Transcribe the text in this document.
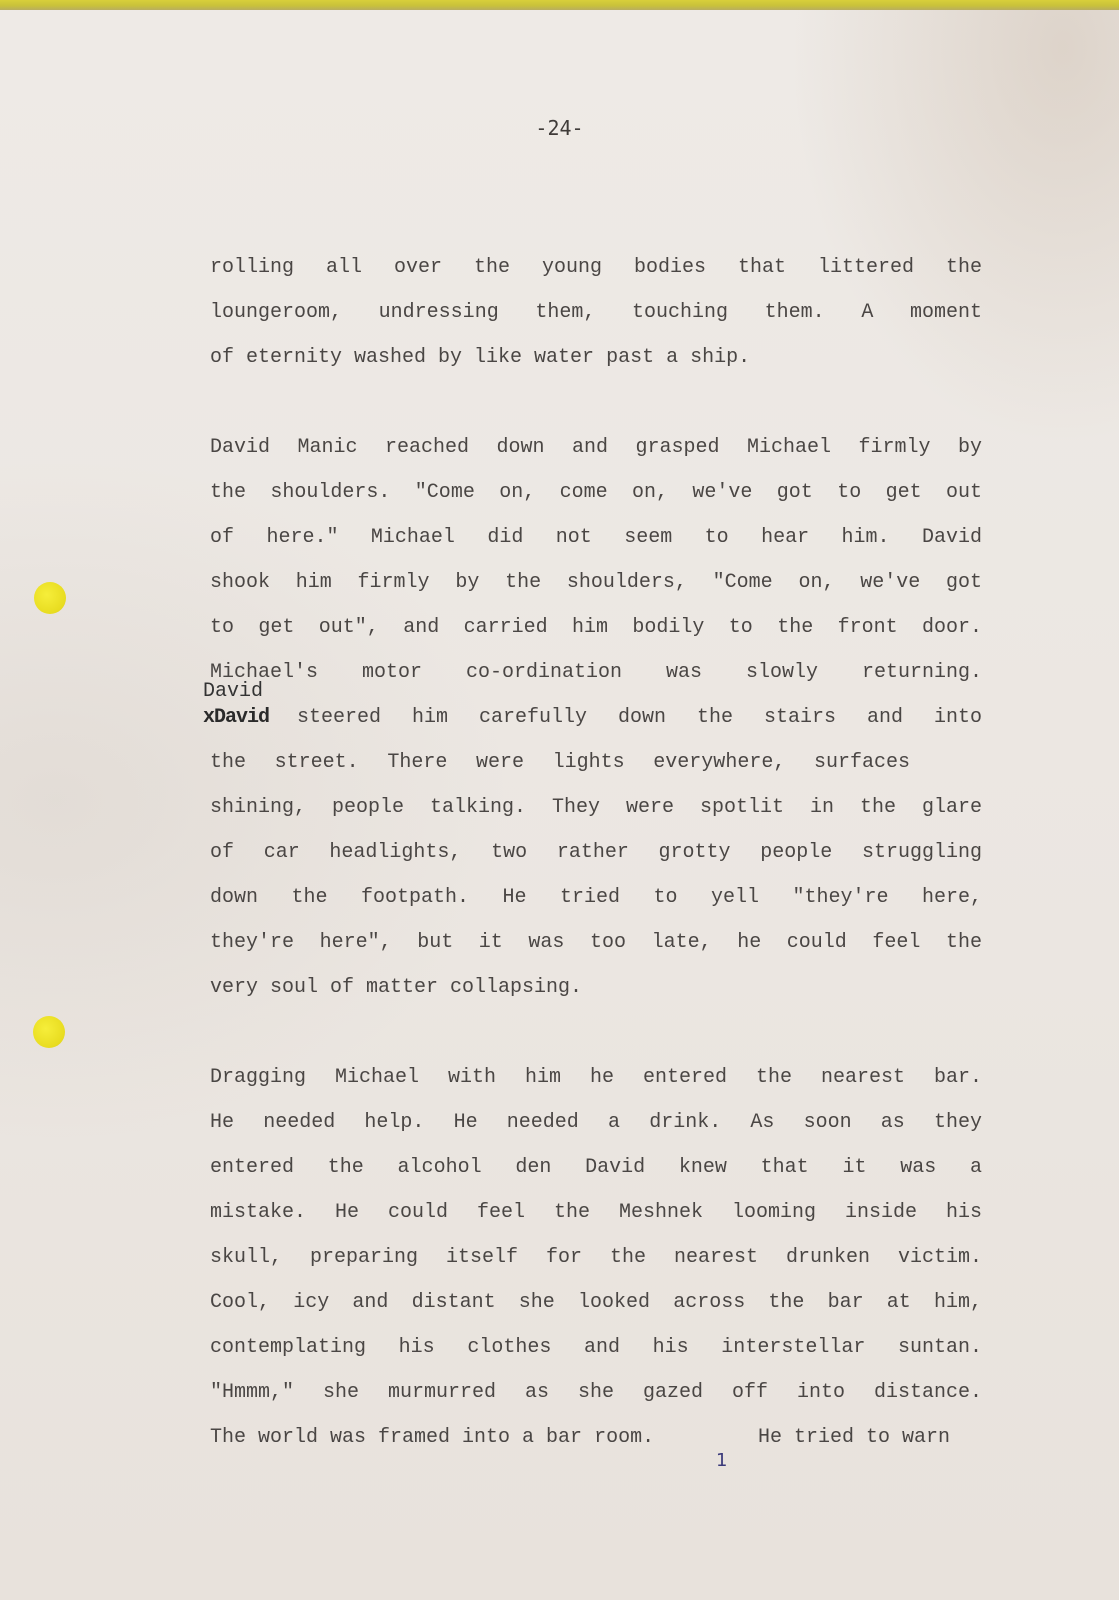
-24-
rolling all over the young bodies that littered the
loungeroom, undressing them, touching them. A moment
of eternity washed by like water past a ship.
David Manic reached down and grasped Michael firmly by
the shoulders. "Come on, come on, we've got to get out
of here." Michael did not seem to hear him. David
shook him firmly by the shoulders, "Come on, we've got
to get out", and carried him bodily to the front door.
Michael's motor co-ordination was slowly returning.
David
xDavid steered him carefully down the stairs and into
the street. There were lights everywhere, surfaces
shining, people talking. They were spotlit in the glare
of car headlights, two rather grotty people struggling
down the footpath. He tried to yell "they're here,
they're here", but it was too late, he could feel the
very soul of matter collapsing.
Dragging Michael with him he entered the nearest bar.
He needed help. He needed a drink. As soon as they
entered the alcohol den David knew that it was a
mistake. He could feel the Meshnek looming inside his
skull, preparing itself for the nearest drunken victim.
Cool, icy and distant she looked across the bar at him,
contemplating his clothes and his interstellar suntan.
"Hmmm," she murmurred as she gazed off into distance.
The world was framed into a bar room.
1
He tried to warn
